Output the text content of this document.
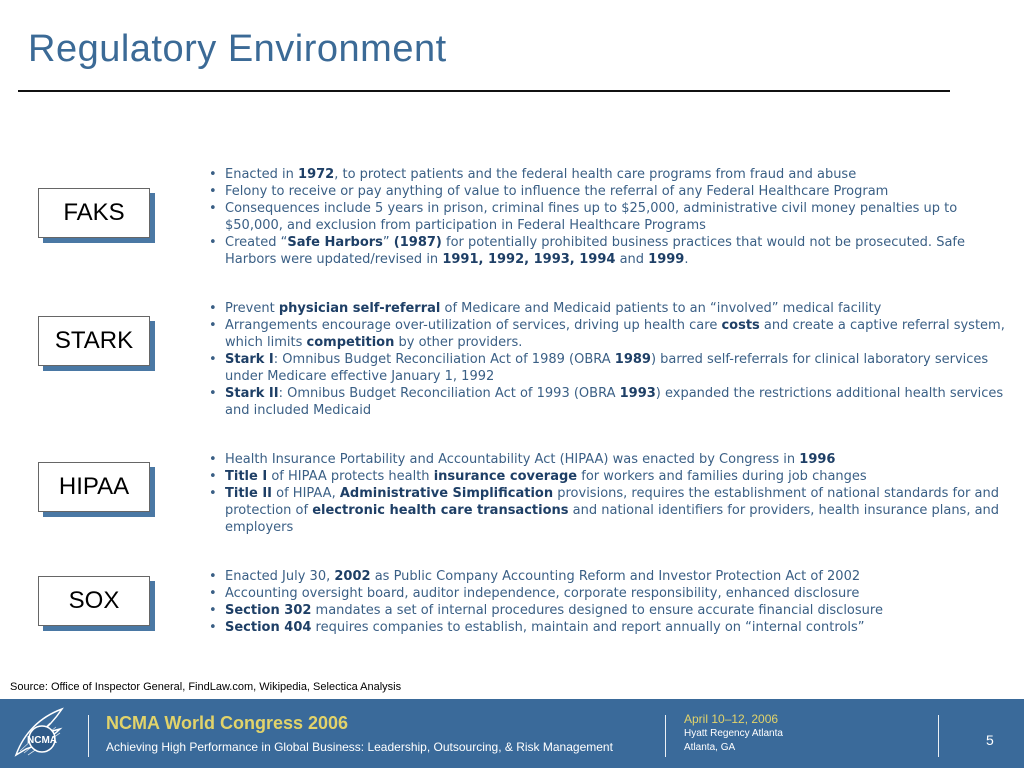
Regulatory Environment
FAKS
• Enacted in 1972, to protect patients and the federal health care programs from fraud and abuse
• Felony to receive or pay anything of value to influence the referral of any Federal Healthcare Program
• Consequences include 5 years in prison, criminal fines up to $25,000, administrative civil money penalties up to $50,000, and exclusion from participation in Federal Healthcare Programs
• Created “Safe Harbors” (1987) for potentially prohibited business practices that would not be prosecuted. Safe Harbors were updated/revised in 1991, 1992, 1993, 1994 and 1999.
STARK
• Prevent physician self-referral of Medicare and Medicaid patients to an “involved” medical facility
• Arrangements encourage over-utilization of services, driving up health care costs and create a captive referral system, which limits competition by other providers.
• Stark I: Omnibus Budget Reconciliation Act of 1989 (OBRA 1989) barred self-referrals for clinical laboratory services under Medicare effective January 1, 1992
• Stark II: Omnibus Budget Reconciliation Act of 1993 (OBRA 1993) expanded the restrictions additional health services and included Medicaid
HIPAA
• Health Insurance Portability and Accountability Act (HIPAA) was enacted by Congress in 1996
• Title I of HIPAA protects health insurance coverage for workers and families during job changes
• Title II of HIPAA, Administrative Simplification provisions, requires the establishment of national standards for and protection of electronic health care transactions and national identifiers for providers, health insurance plans, and employers
SOX
• Enacted July 30, 2002 as Public Company Accounting Reform and Investor Protection Act of 2002
• Accounting oversight board, auditor independence, corporate responsibility, enhanced disclosure
• Section 302 mandates a set of internal procedures designed to ensure accurate financial disclosure
• Section 404 requires companies to establish, maintain and report annually on “internal controls”
Source: Office of Inspector General, FindLaw.com, Wikipedia, Selectica Analysis
NCMA
NCMA World Congress 2006
Achieving High Performance in Global Business: Leadership, Outsourcing, & Risk Management
April 10–12, 2006
Hyatt Regency Atlanta
Atlanta, GA	5
